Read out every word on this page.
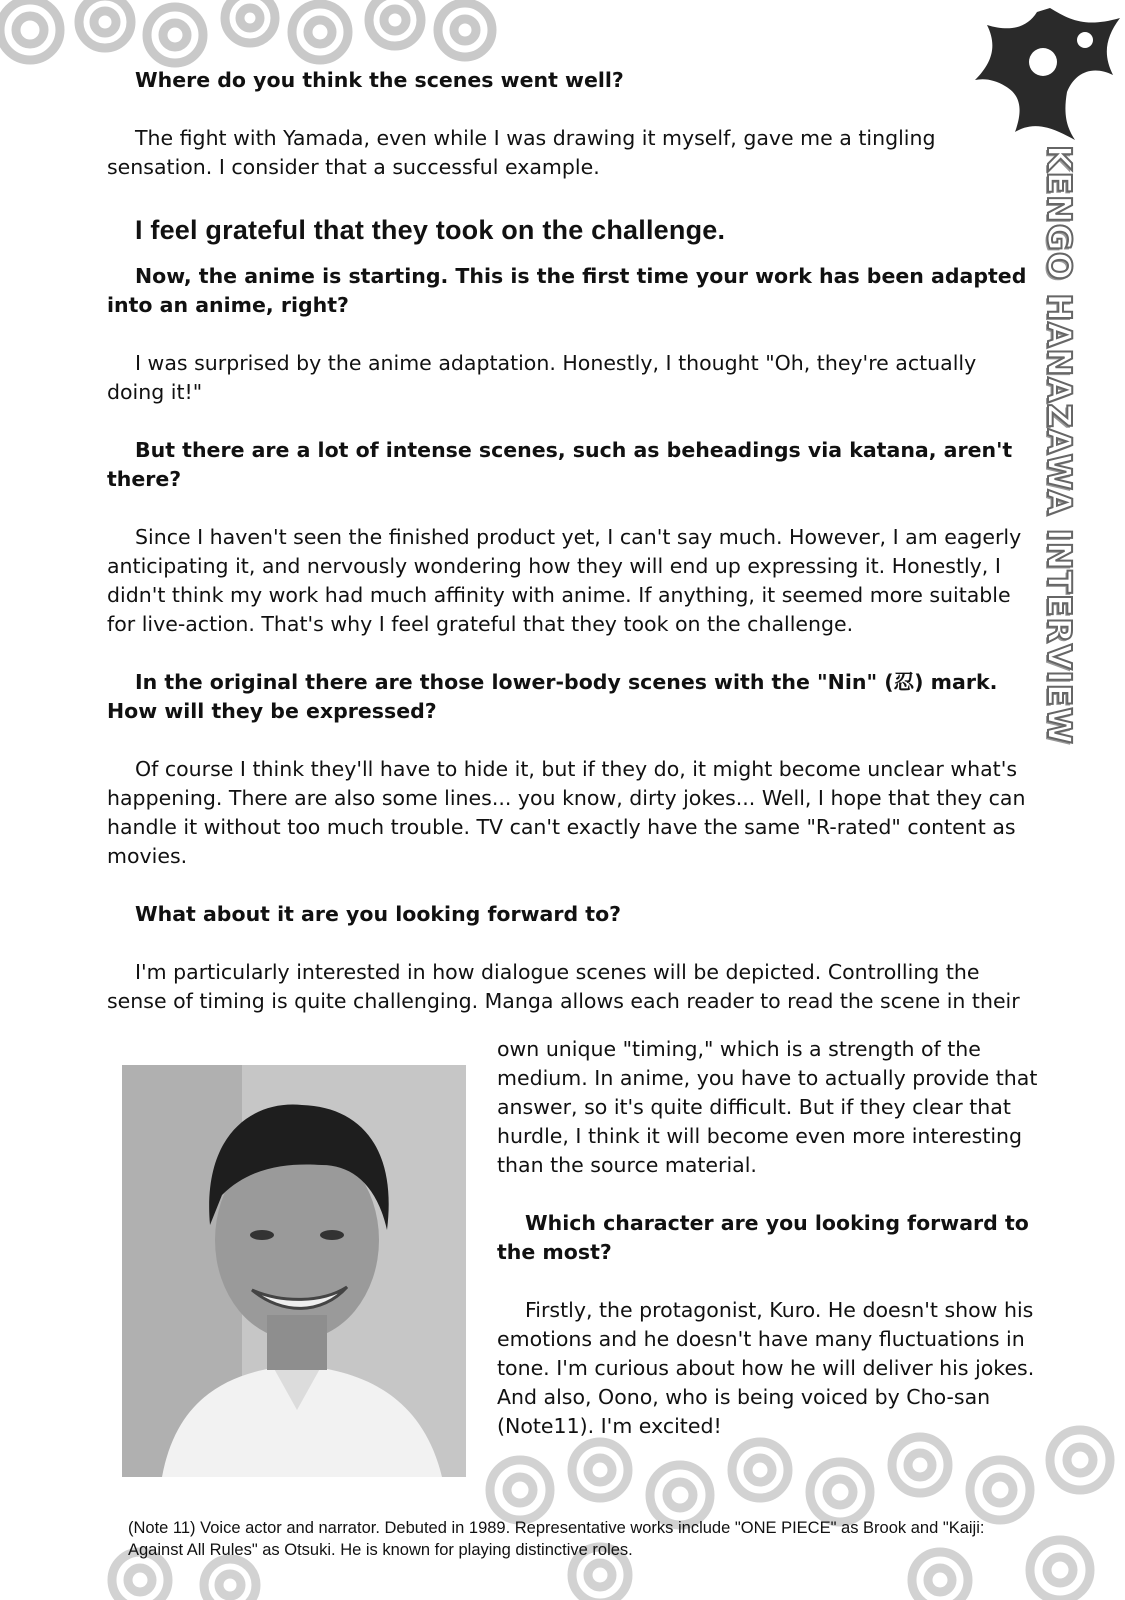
KENGO HANAZAWA INTERVIEW

Where do you think the scenes went well?

The fight with Yamada, even while I was drawing it myself, gave me a tingling sensation. I consider that a successful example.

I feel grateful that they took on the challenge.

Now, the anime is starting. This is the first time your work has been adapted into an anime, right?

I was surprised by the anime adaptation. Honestly, I thought "Oh, they're actually doing it!"

But there are a lot of intense scenes, such as beheadings via katana, aren't there?

Since I haven't seen the finished product yet, I can't say much. However, I am eagerly anticipating it, and nervously wondering how they will end up expressing it. Honestly, I didn't think my work had much affinity with anime. If anything, it seemed more suitable for live-action. That's why I feel grateful that they took on the challenge.

In the original there are those lower-body scenes with the "Nin" (忍) mark. How will they be expressed?

Of course I think they'll have to hide it, but if they do, it might become unclear what's happening. There are also some lines... you know, dirty jokes... Well, I hope that they can handle it without too much trouble. TV can't exactly have the same "R-rated" content as movies.

What about it are you looking forward to?

I'm particularly interested in how dialogue scenes will be depicted. Controlling the sense of timing is quite challenging. Manga allows each reader to read the scene in their

own unique "timing," which is a strength of the medium. In anime, you have to actually provide that answer, so it's quite difficult. But if they clear that hurdle, I think it will become even more interesting than the source material.

Which character are you looking forward to the most?

Firstly, the protagonist, Kuro. He doesn't show his emotions and he doesn't have many fluctuations in tone. I'm curious about how he will deliver his jokes. And also, Oono, who is being voiced by Cho-san (Note11). I'm excited!

(Note 11) Voice actor and narrator. Debuted in 1989. Representative works include "ONE PIECE" as Brook and "Kaiji: Against All Rules" as Otsuki. He is known for playing distinctive roles.
